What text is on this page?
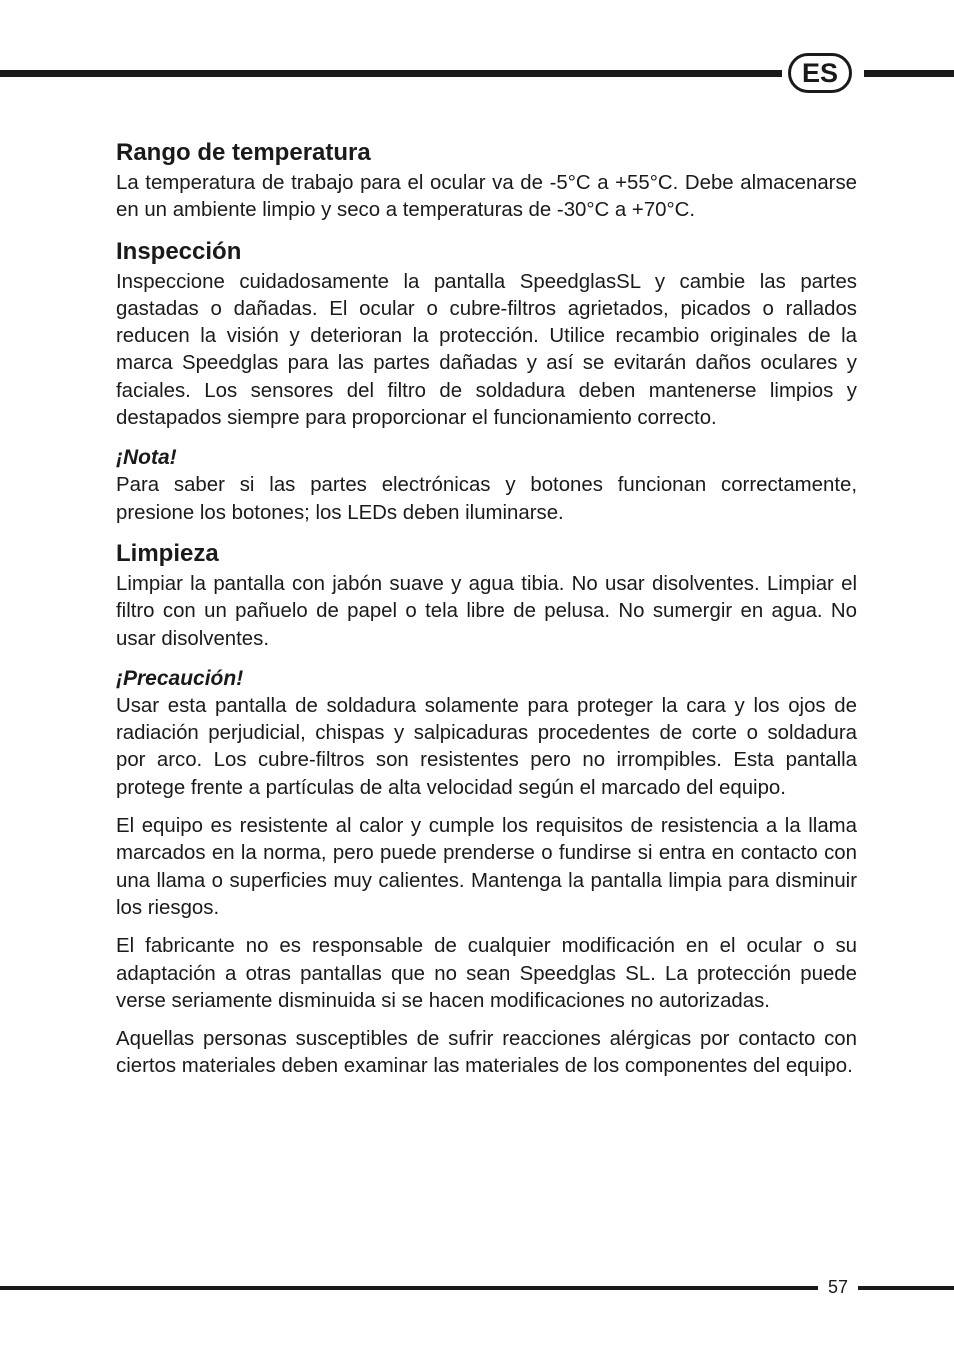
ES
Rango de temperatura

La temperatura de trabajo para el ocular va de -5°C a +55°C. Debe almacenarse en un ambiente limpio y seco a temperaturas de -30°C a +70°C.

Inspección

Inspeccione cuidadosamente la pantalla SpeedglasSL y cambie las partes gastadas o dañadas. El ocular o cubre-filtros agrietados, picados o rallados reducen la visión y deterioran la protección. Utilice recambio originales de la marca Speedglas para las partes dañadas y así se evitarán daños oculares y faciales. Los sensores del filtro de soldadura deben mantenerse limpios y destapados siempre para proporcionar el funcionamiento correcto.

¡Nota!

Para saber si las partes electrónicas y botones funcionan correctamente, presione los botones; los LEDs deben iluminarse.

Limpieza

Limpiar la pantalla con jabón suave y agua tibia. No usar disolventes. Limpiar el filtro con un pañuelo de papel o tela libre de pelusa. No sumergir en agua. No usar disolventes.

¡Precaución!

Usar esta pantalla de soldadura solamente para proteger la cara y los ojos de radiación perjudicial, chispas y salpicaduras procedentes de corte o soldadura por arco. Los cubre-filtros son resistentes pero no irrompibles. Esta pantalla protege frente a partículas de alta velocidad según el marcado del equipo.

El equipo es resistente al calor y cumple los requisitos de resistencia a la llama marcados en la norma, pero puede prenderse o fundirse si entra en contacto con una llama o superficies muy calientes. Mantenga la pantalla limpia para disminuir los riesgos.

El fabricante no es responsable de cualquier modificación en el ocular o su adaptación a otras pantallas que no sean Speedglas SL. La protección puede verse seriamente disminuida si se hacen modificaciones no autorizadas.

Aquellas personas susceptibles de sufrir reacciones alérgicas por contacto con ciertos materiales deben examinar las materiales de los componentes del equipo.

57
